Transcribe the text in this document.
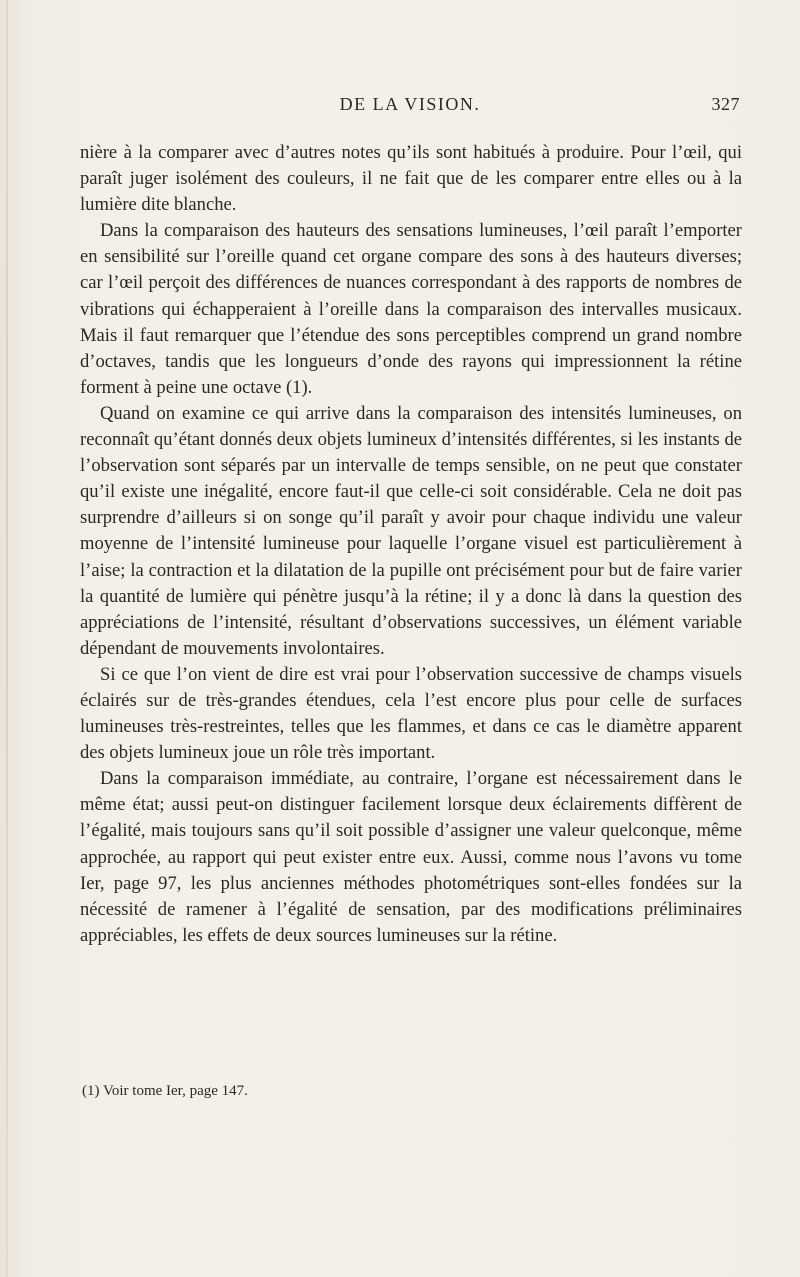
DE LA VISION.	327

nière à la comparer avec d’autres notes qu’ils sont habitués à produire. Pour l’œil, qui paraît juger isolément des couleurs, il ne fait que de les comparer entre elles ou à la lumière dite blanche.

Dans la comparaison des hauteurs des sensations lumineuses, l’œil paraît l’emporter en sensibilité sur l’oreille quand cet organe compare des sons à des hauteurs diverses; car l’œil perçoit des différences de nuances correspondant à des rapports de nombres de vibrations qui échapperaient à l’oreille dans la comparaison des intervalles musicaux. Mais il faut remarquer que l’étendue des sons perceptibles comprend un grand nombre d’octaves, tandis que les longueurs d’onde des rayons qui impressionnent la rétine forment à peine une octave (1).

Quand on examine ce qui arrive dans la comparaison des intensités lumineuses, on reconnaît qu’étant donnés deux objets lumineux d’intensités différentes, si les instants de l’observation sont séparés par un intervalle de temps sensible, on ne peut que constater qu’il existe une inégalité, encore faut-il que celle-ci soit considérable. Cela ne doit pas surprendre d’ailleurs si on songe qu’il paraît y avoir pour chaque individu une valeur moyenne de l’intensité lumineuse pour laquelle l’organe visuel est particulièrement à l’aise; la contraction et la dilatation de la pupille ont précisément pour but de faire varier la quantité de lumière qui pénètre jusqu’à la rétine; il y a donc là dans la question des appréciations de l’intensité, résultant d’observations successives, un élément variable dépendant de mouvements involontaires.

Si ce que l’on vient de dire est vrai pour l’observation successive de champs visuels éclairés sur de très-grandes étendues, cela l’est encore plus pour celle de surfaces lumineuses très-restreintes, telles que les flammes, et dans ce cas le diamètre apparent des objets lumineux joue un rôle très important.

Dans la comparaison immédiate, au contraire, l’organe est nécessairement dans le même état; aussi peut-on distinguer facilement lorsque deux éclairements diffèrent de l’égalité, mais toujours sans qu’il soit possible d’assigner une valeur quelconque, même approchée, au rapport qui peut exister entre eux. Aussi, comme nous l’avons vu tome Ier, page 97, les plus anciennes méthodes photométriques sont-elles fondées sur la nécessité de ramener à l’égalité de sensation, par des modifications préliminaires appréciables, les effets de deux sources lumineuses sur la rétine.

(1) Voir tome Ier, page 147.
